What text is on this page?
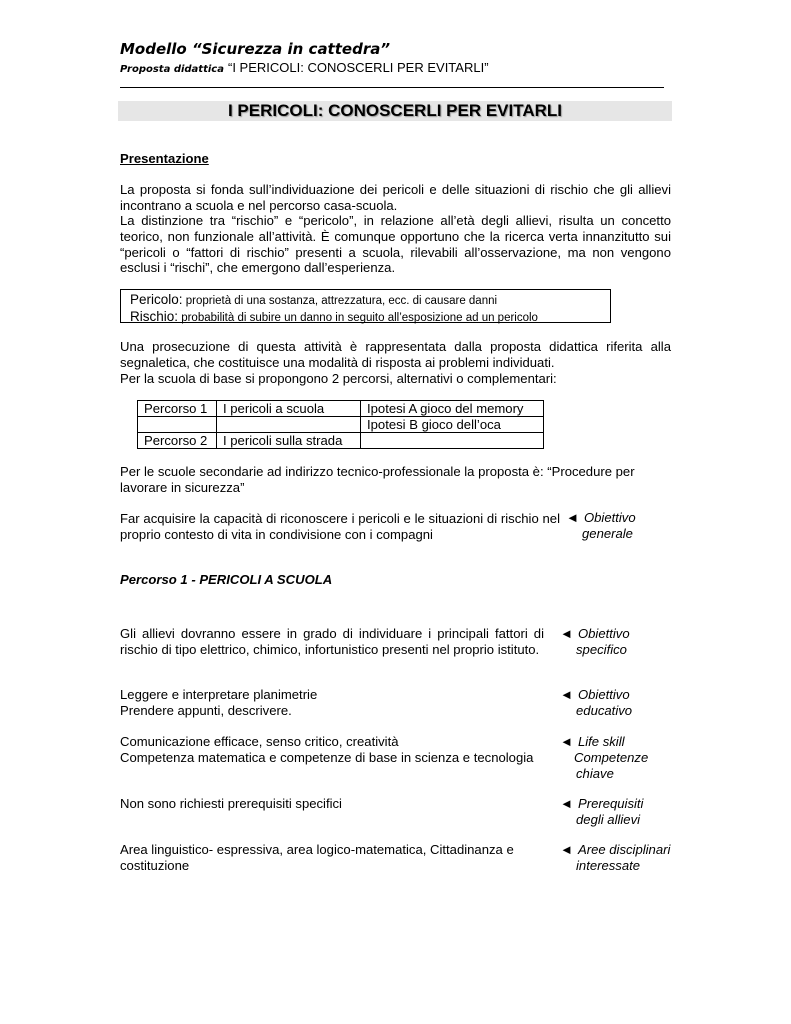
Modello “Sicurezza in cattedra”
Proposta didattica “I PERICOLI: CONOSCERLI PER EVITARLI”
I PERICOLI: CONOSCERLI PER EVITARLI
Presentazione
La proposta si fonda sull’individuazione dei pericoli e delle situazioni di rischio che gli allievi incontrano a scuola e nel percorso casa-scuola.
La distinzione tra “rischio” e “pericolo”, in relazione all’età degli allievi, risulta un concetto teorico, non funzionale all’attività. È comunque opportuno che la ricerca verta innanzitutto sui “pericoli o “fattori di rischio” presenti a scuola, rilevabili all’osservazione, ma non vengono esclusi i “rischi”, che emergono dall’esperienza.
Pericolo: proprietà di una sostanza, attrezzatura, ecc. di causare danni
Rischio: probabilità di subire un danno in seguito all’esposizione ad un pericolo
Una prosecuzione di questa attività è rappresentata dalla proposta didattica riferita alla segnaletica, che costituisce una modalità di risposta ai problemi individuati.
Per la scuola di base si propongono 2 percorsi, alternativi o complementari:
Percorso 1	I pericoli a scuola	Ipotesi A gioco del memory
		Ipotesi B gioco dell’oca
Percorso 2	I pericoli sulla strada	
Per le scuole secondarie ad indirizzo tecnico-professionale la proposta è: “Procedure per lavorare in sicurezza”
Far acquisire la capacità di riconoscere i pericoli e le situazioni di rischio nel proprio contesto di vita in condivisione con i compagni
◄ Obiettivo
generale
Percorso 1 - PERICOLI A SCUOLA
Gli allievi dovranno essere in grado di individuare i principali fattori di rischio di tipo elettrico, chimico, infortunistico presenti nel proprio istituto.
◄ Obiettivo
specifico
Leggere e interpretare planimetrie
Prendere appunti, descrivere.
◄ Obiettivo
educativo
Comunicazione efficace, senso critico, creatività
Competenza matematica e competenze di base in scienza e tecnologia
◄ Life skill
Competenze
chiave
Non sono richiesti prerequisiti specifici	◄ Prerequisiti
degli allievi
Area linguistico- espressiva, area logico-matematica, Cittadinanza e costituzione
◄ Aree disciplinari
interessate
